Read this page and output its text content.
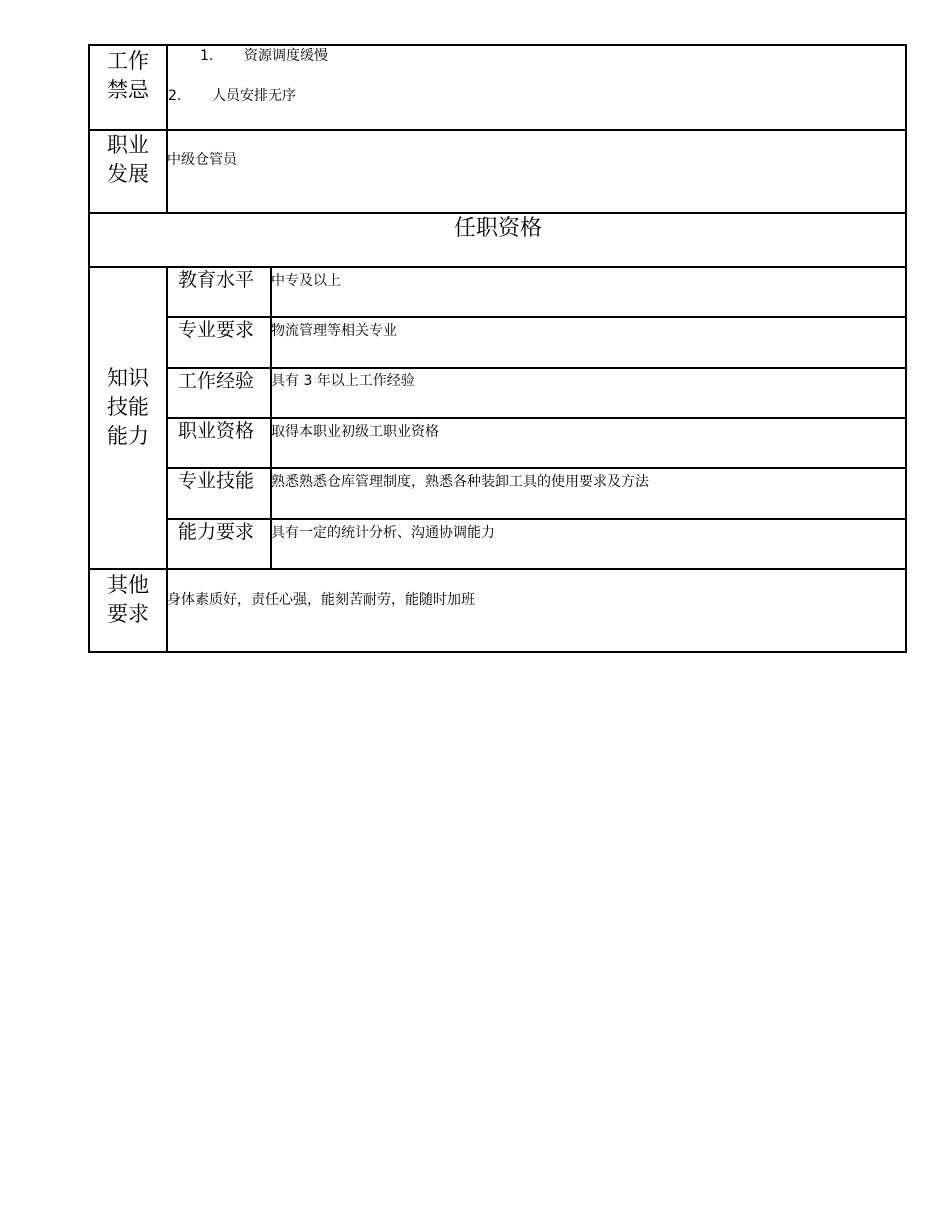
工作
禁忌
1. 资源调度缓慢
2. 人员安排无序
职业
发展
中级仓管员
任职资格
知识
技能
能力
教育水平 中专及以上
专业要求 物流管理等相关专业
工作经验 具有 3 年以上工作经验
职业资格 取得本职业初级工职业资格
专业技能 熟悉熟悉仓库管理制度，熟悉各种装卸工具的使用要求及方法
能力要求 具有一定的统计分析、沟通协调能力
其他
要求
身体素质好，责任心强，能刻苦耐劳，能随时加班
